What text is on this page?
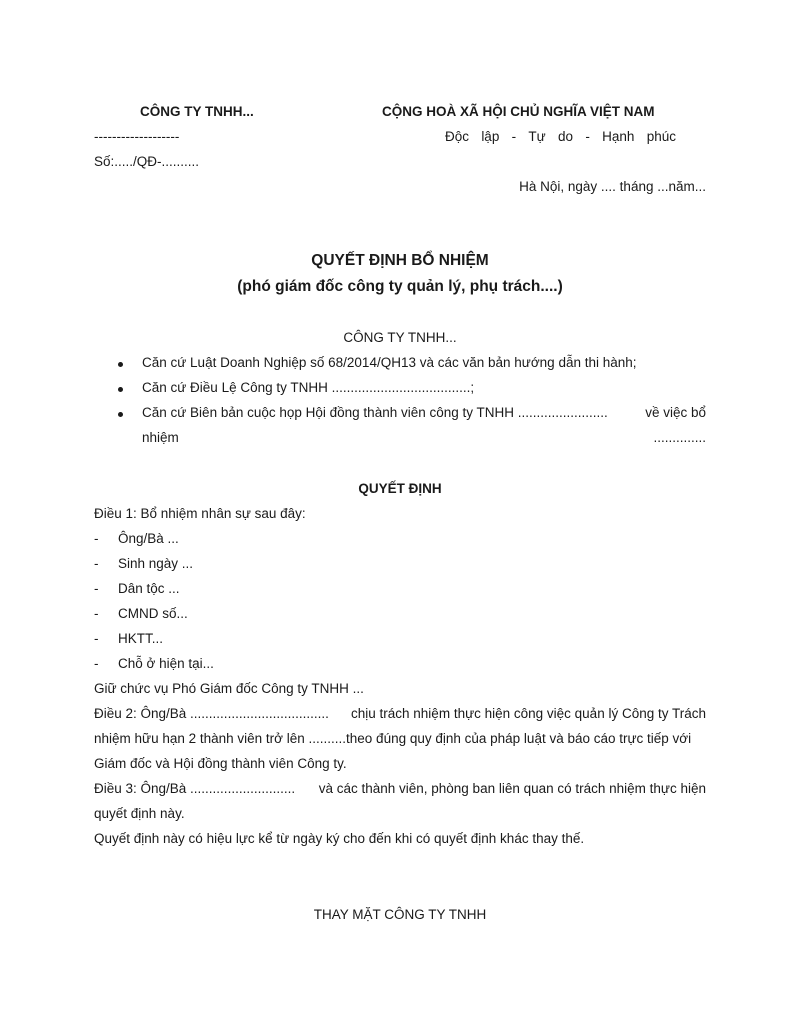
CÔNG TY TNHH...	CỘNG HOÀ XÃ HỘI CHỦ NGHĨA VIỆT NAM
-------------------	Độc lập - Tự do - Hạnh phúc
Số:...../QĐ-..........
Hà Nội, ngày .... tháng ...năm...
QUYẾT ĐỊNH BỔ NHIỆM
(phó giám đốc công ty quản lý, phụ trách....)
CÔNG TY TNHH...
Căn cứ Luật Doanh Nghiệp số 68/2014/QH13 và các văn bản hướng dẫn thi hành;
Căn cứ Điều Lệ Công ty TNHH .....................................;
Căn cứ Biên bản cuộc họp Hội đồng thành viên công ty TNHH ........................	về việc bổ
nhiệm	..............
QUYẾT ĐỊNH
Điều 1: Bổ nhiệm nhân sự sau đây:
- Ông/Bà ...
- Sinh ngày ...
- Dân tộc ...
- CMND số...
- HKTT...
- Chỗ ở hiện tại...
Giữ chức vụ Phó Giám đốc Công ty TNHH ...
Điều 2: Ông/Bà ..................................... chịu trách nhiệm thực hiện công việc quản lý Công ty Trách
nhiệm hữu hạn 2 thành viên trở lên ..........theo đúng quy định của pháp luật và báo cáo trực tiếp với
Giám đốc và Hội đồng thành viên Công ty.
Điều 3: Ông/Bà ............................ và các thành viên, phòng ban liên quan có trách nhiệm thực hiện
quyết định này.
Quyết định này có hiệu lực kể từ ngày ký cho đến khi có quyết định khác thay thế.
THAY MẶT CÔNG TY TNHH
